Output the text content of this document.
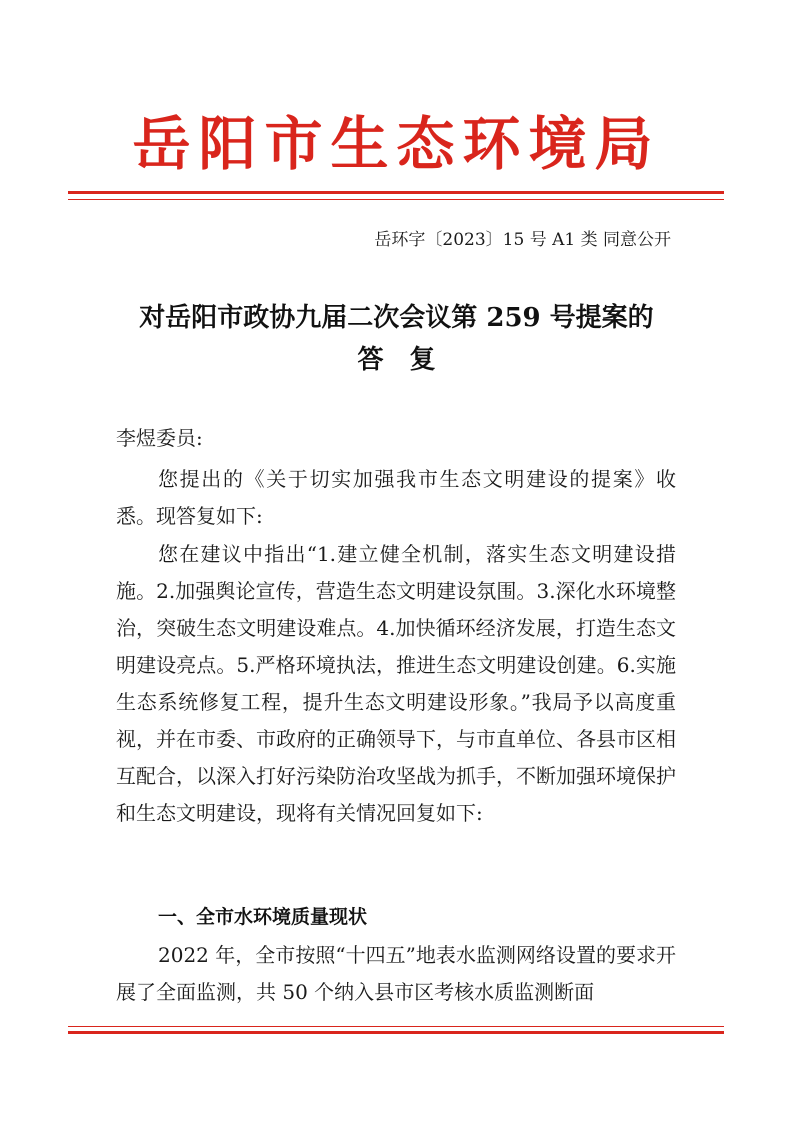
岳阳市生态环境局
岳环字〔2023〕15 号 A1 类 同意公开
对岳阳市政协九届二次会议第 259 号提案的
答　复
李煜委员:
您提出的《关于切实加强我市生态文明建设的提案》收悉。现答复如下:
您在建议中指出“1.建立健全机制，落实生态文明建设措施。2.加强舆论宣传，营造生态文明建设氛围。3.深化水环境整治，突破生态文明建设难点。4.加快循环经济发展，打造生态文明建设亮点。5.严格环境执法，推进生态文明建设创建。6.实施生态系统修复工程，提升生态文明建设形象。”我局予以高度重视，并在市委、市政府的正确领导下，与市直单位、各县市区相互配合，以深入打好污染防治攻坚战为抓手，不断加强环境保护和生态文明建设，现将有关情况回复如下:
一、全市水环境质量现状
2022 年，全市按照“十四五”地表水监测网络设置的要求开展了全面监测，共 50 个纳入县市区考核水质监测断面
